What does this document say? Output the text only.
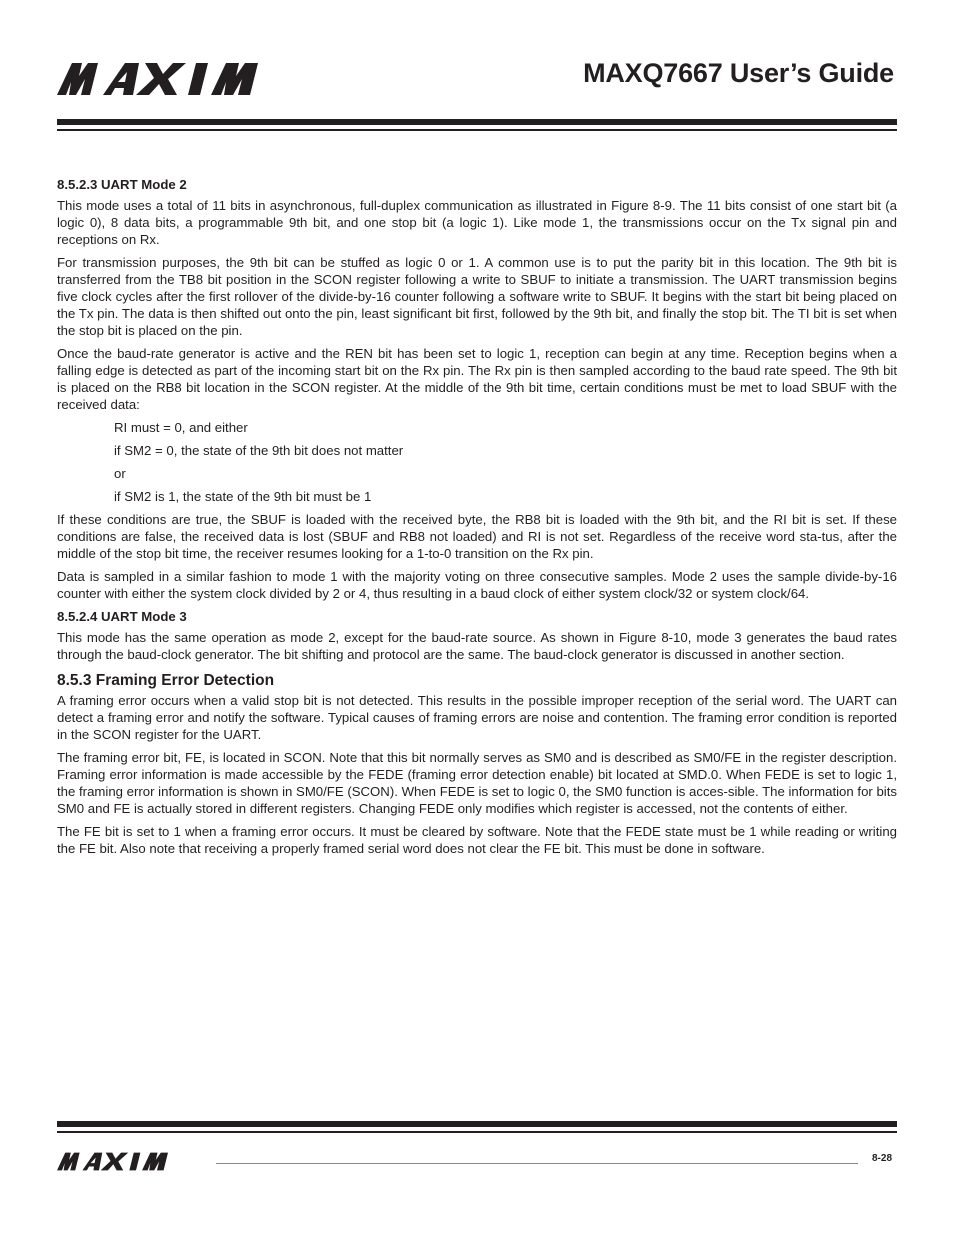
MAXQ7667 User’s Guide
8.5.2.3 UART Mode 2

This mode uses a total of 11 bits in asynchronous, full-duplex communication as illustrated in Figure 8-9. The 11 bits consist of one start bit (a logic 0), 8 data bits, a programmable 9th bit, and one stop bit (a logic 1). Like mode 1, the transmissions occur on the Tx signal pin and receptions on Rx.

For transmission purposes, the 9th bit can be stuffed as logic 0 or 1. A common use is to put the parity bit in this location. The 9th bit is transferred from the TB8 bit position in the SCON register following a write to SBUF to initiate a transmission. The UART transmission begins five clock cycles after the first rollover of the divide-by-16 counter following a software write to SBUF. It begins with the start bit being placed on the Tx pin. The data is then shifted out onto the pin, least significant bit first, followed by the 9th bit, and finally the stop bit. The TI bit is set when the stop bit is placed on the pin.

Once the baud-rate generator is active and the REN bit has been set to logic 1, reception can begin at any time. Reception begins when a falling edge is detected as part of the incoming start bit on the Rx pin. The Rx pin is then sampled according to the baud rate speed. The 9th bit is placed on the RB8 bit location in the SCON register. At the middle of the 9th bit time, certain conditions must be met to load SBUF with the received data:

RI must = 0, and either
if SM2 = 0, the state of the 9th bit does not matter
or
if SM2 is 1, the state of the 9th bit must be 1

If these conditions are true, the SBUF is loaded with the received byte, the RB8 bit is loaded with the 9th bit, and the RI bit is set. If these conditions are false, the received data is lost (SBUF and RB8 not loaded) and RI is not set. Regardless of the receive word sta-tus, after the middle of the stop bit time, the receiver resumes looking for a 1-to-0 transition on the Rx pin.

Data is sampled in a similar fashion to mode 1 with the majority voting on three consecutive samples. Mode 2 uses the sample divide-by-16 counter with either the system clock divided by 2 or 4, thus resulting in a baud clock of either system clock/32 or system clock/64.

8.5.2.4 UART Mode 3

This mode has the same operation as mode 2, except for the baud-rate source. As shown in Figure 8-10, mode 3 generates the baud rates through the baud-clock generator. The bit shifting and protocol are the same. The baud-clock generator is discussed in another section.

8.5.3 Framing Error Detection

A framing error occurs when a valid stop bit is not detected. This results in the possible improper reception of the serial word. The UART can detect a framing error and notify the software. Typical causes of framing errors are noise and contention. The framing error condition is reported in the SCON register for the UART.

The framing error bit, FE, is located in SCON. Note that this bit normally serves as SM0 and is described as SM0/FE in the register description. Framing error information is made accessible by the FEDE (framing error detection enable) bit located at SMD.0. When FEDE is set to logic 1, the framing error information is shown in SM0/FE (SCON). When FEDE is set to logic 0, the SM0 function is acces-sible. The information for bits SM0 and FE is actually stored in different registers. Changing FEDE only modifies which register is accessed, not the contents of either.

The FE bit is set to 1 when a framing error occurs. It must be cleared by software. Note that the FEDE state must be 1 while reading or writing the FE bit. Also note that receiving a properly framed serial word does not clear the FE bit. This must be done in software.

8-28
